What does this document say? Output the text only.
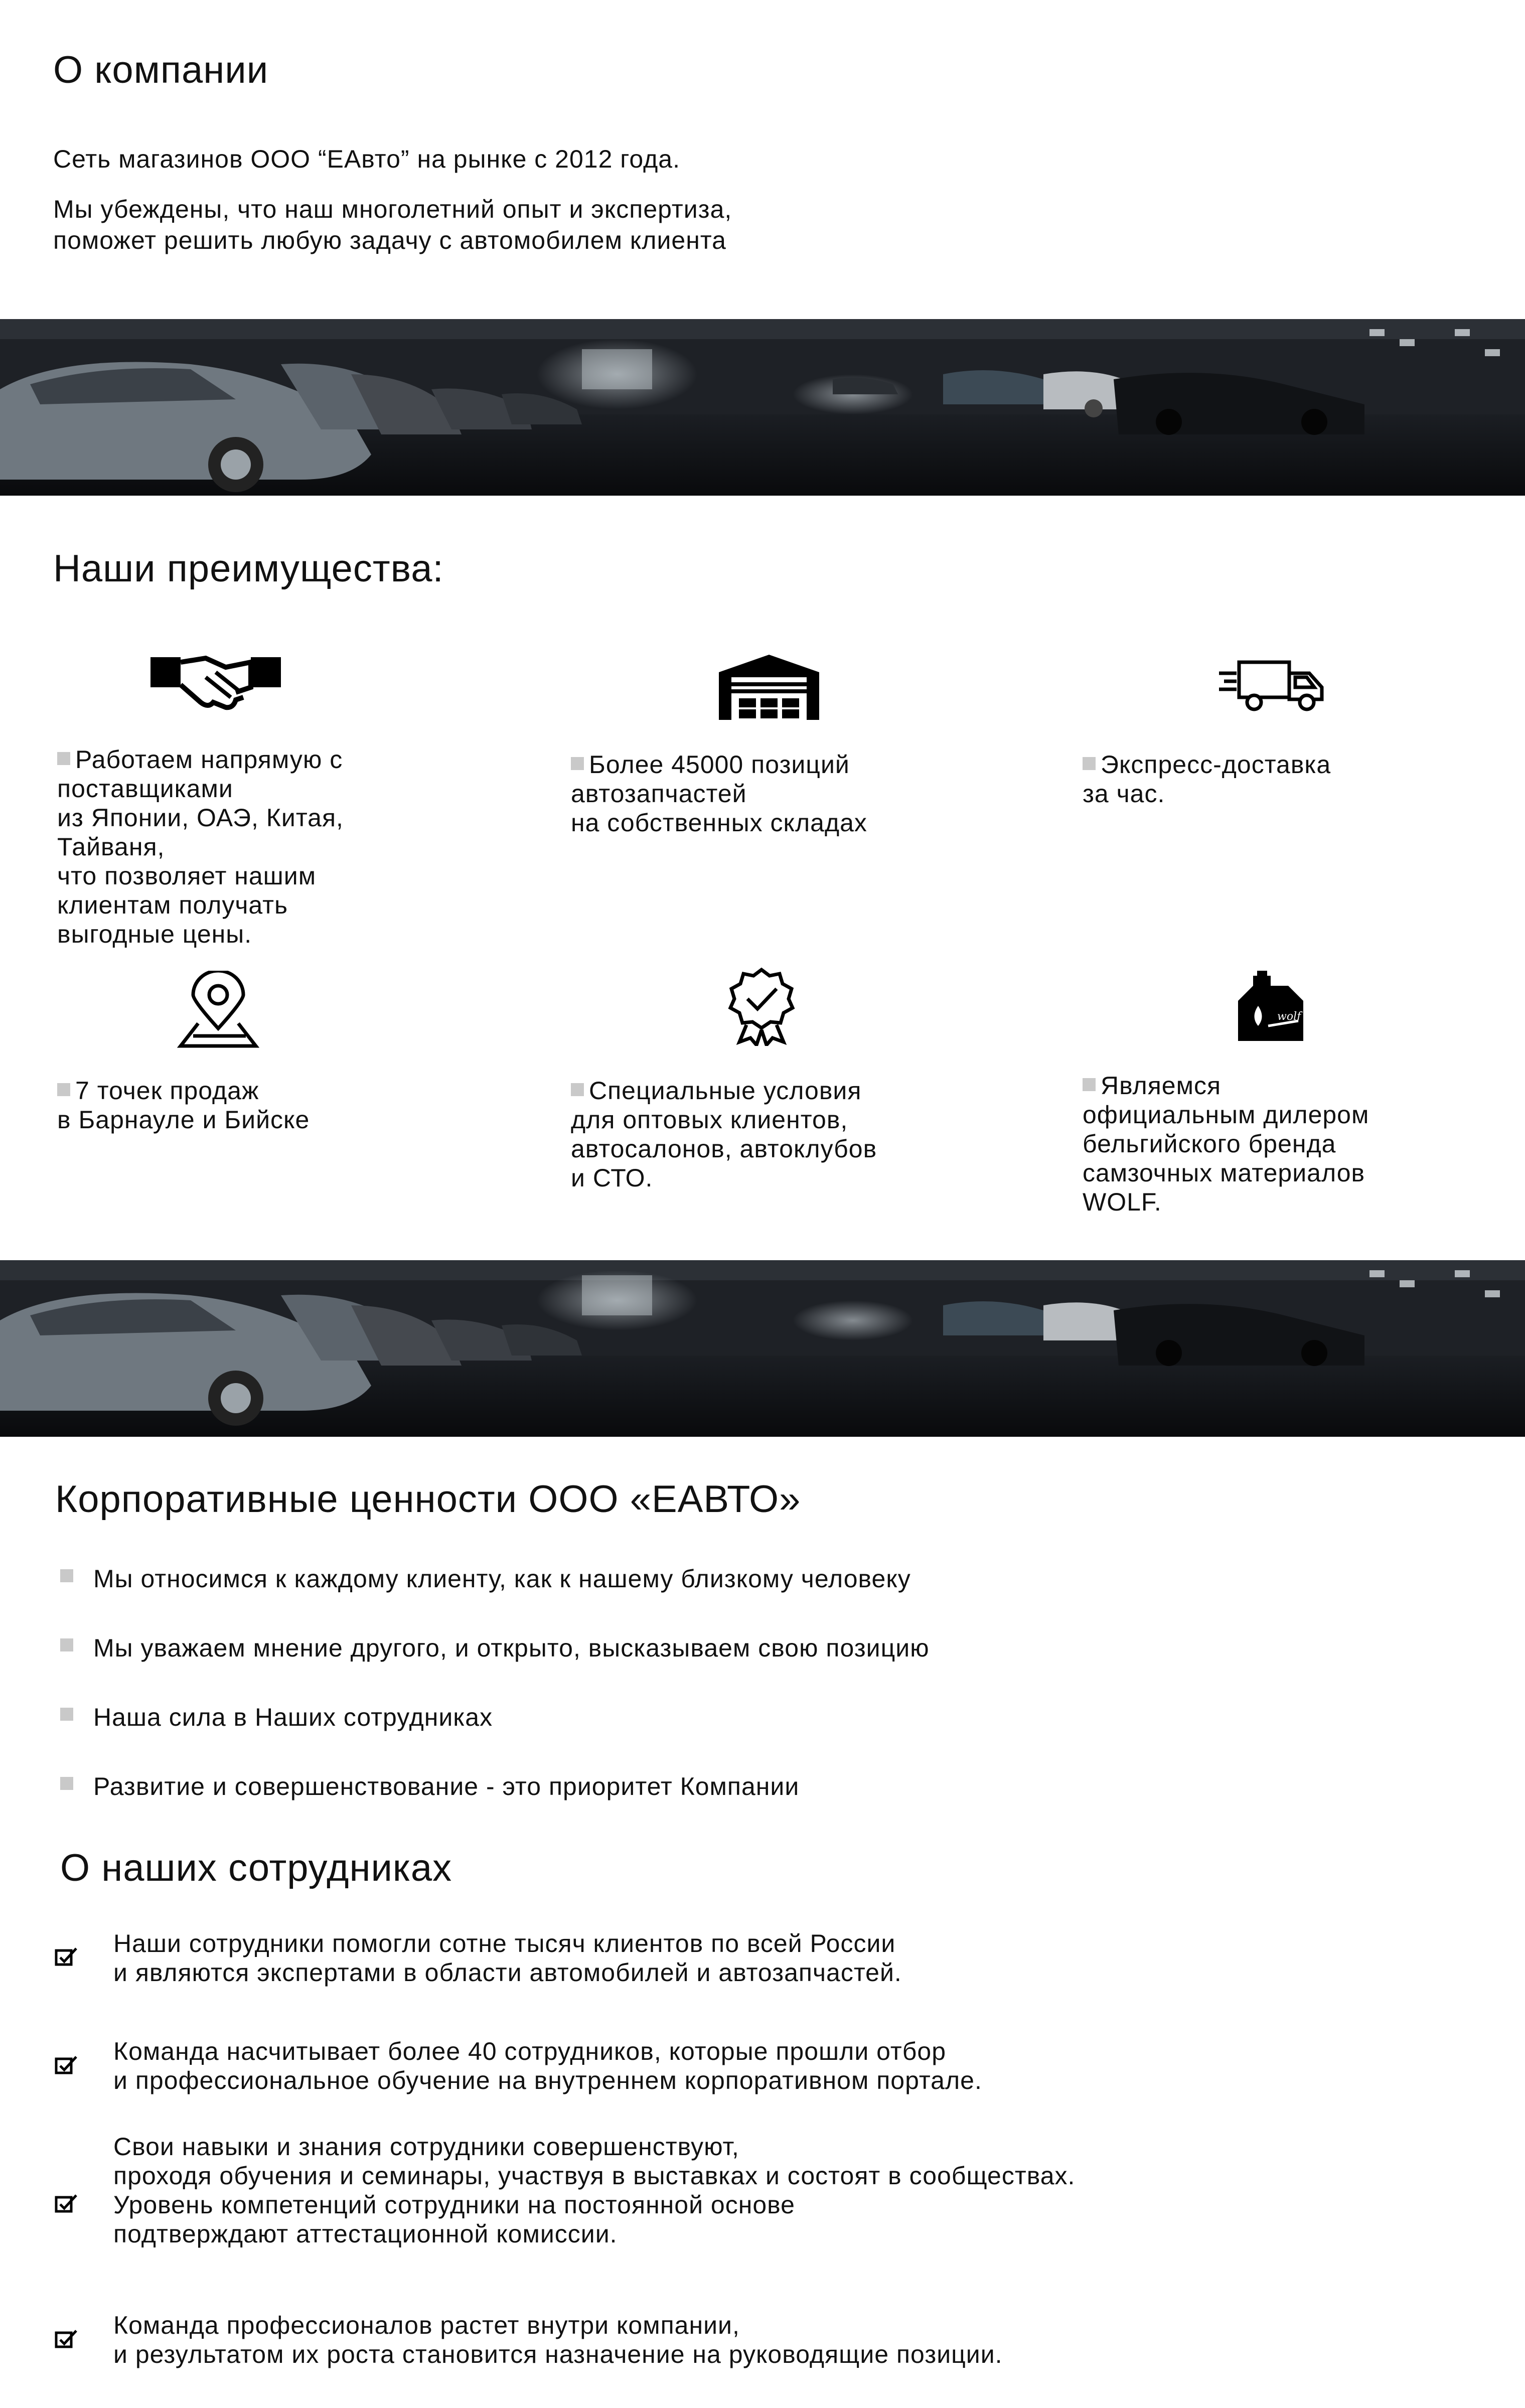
О компании

Сеть магазинов ООО “ЕАвто” на рынке с 2012 года.

Мы убеждены, что наш многолетний опыт и экспертиза,
поможет решить любую задачу с автомобилем клиента

Наши преимущества:
Работаем напрямую с
поставщиками
из Японии, ОАЭ, Китая,
Тайваня,
что позволяет нашим
клиентам получать
выгодные цены.
Более 45000 позиций
автозапчастей
на собственных складах
Экспресс-доставка
за час.
wolf
7 точек продаж
в Барнауле и Бийске
Специальные условия
для оптовых клиентов,
автосалонов, автоклубов
и СТО.
Являемся
официальным дилером
бельгийского бренда
самзочных материалов
WOLF.
Корпоративные ценности ООО «ЕАВТО»
Мы относимся к каждому клиенту, как к нашему близкому человеку
Мы уважаем мнение другого, и открыто, высказываем свою позицию
Наша сила в Наших сотрудниках
Развитие и совершенствование - это приоритет Компании
О наших сотрудниках
Наши сотрудники помогли сотне тысяч клиентов по всей России
и являются экспертами в области автомобилей и автозапчастей.
Команда насчитывает более 40 сотрудников, которые прошли отбор
и профессиональное обучение на внутреннем корпоративном портале.
Свои навыки и знания сотрудники совершенствуют,
проходя обучения и семинары, участвуя в выставках и состоят в сообществах.
Уровень компетенций сотрудники на постоянной основе
подтверждают аттестационной комиссии.
Команда профессионалов растет внутри компании,
и результатом их роста становится назначение на руководящие позиции.
